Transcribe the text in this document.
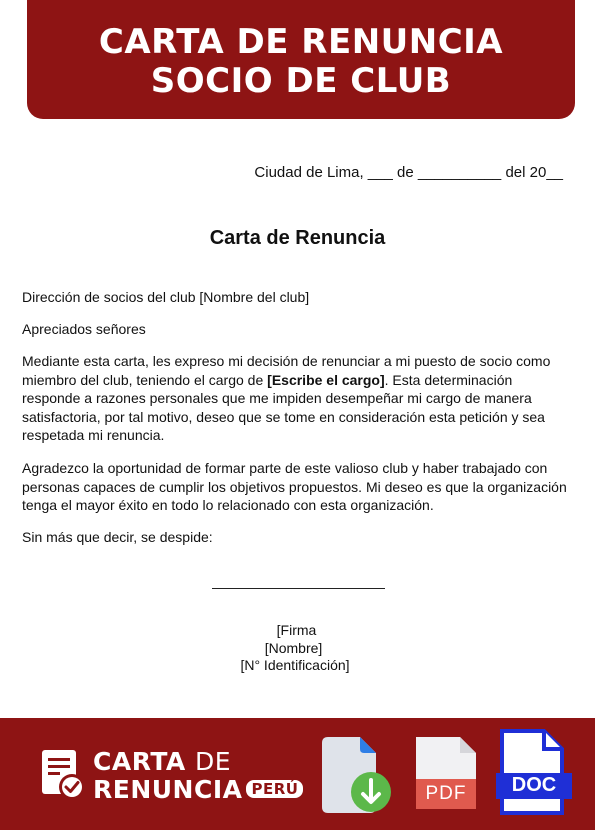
CARTA DE RENUNCIA
SOCIO DE CLUB
Ciudad de Lima, ___ de __________ del 20__
Carta de Renuncia
Dirección de socios del club [Nombre del club]
Apreciados señores
Mediante esta carta, les expreso mi decisión de renunciar a mi puesto de socio como miembro del club, teniendo el cargo de [Escribe el cargo]. Esta determinación responde a razones personales que me impiden desempeñar mi cargo de manera satisfactoria, por tal motivo, deseo que se tome en consideración esta petición y sea respetada mi renuncia.
Agradezco la oportunidad de formar parte de este valioso club y haber trabajado con personas capaces de cumplir los objetivos propuestos. Mi deseo es que la organización tenga el mayor éxito en todo lo relacionado con esta organización.
Sin más que decir, se despide:
[Firma
[Nombre]
[N° Identificación]
CARTA DE
RENUNCIA PERÚ	PDF	DOC
